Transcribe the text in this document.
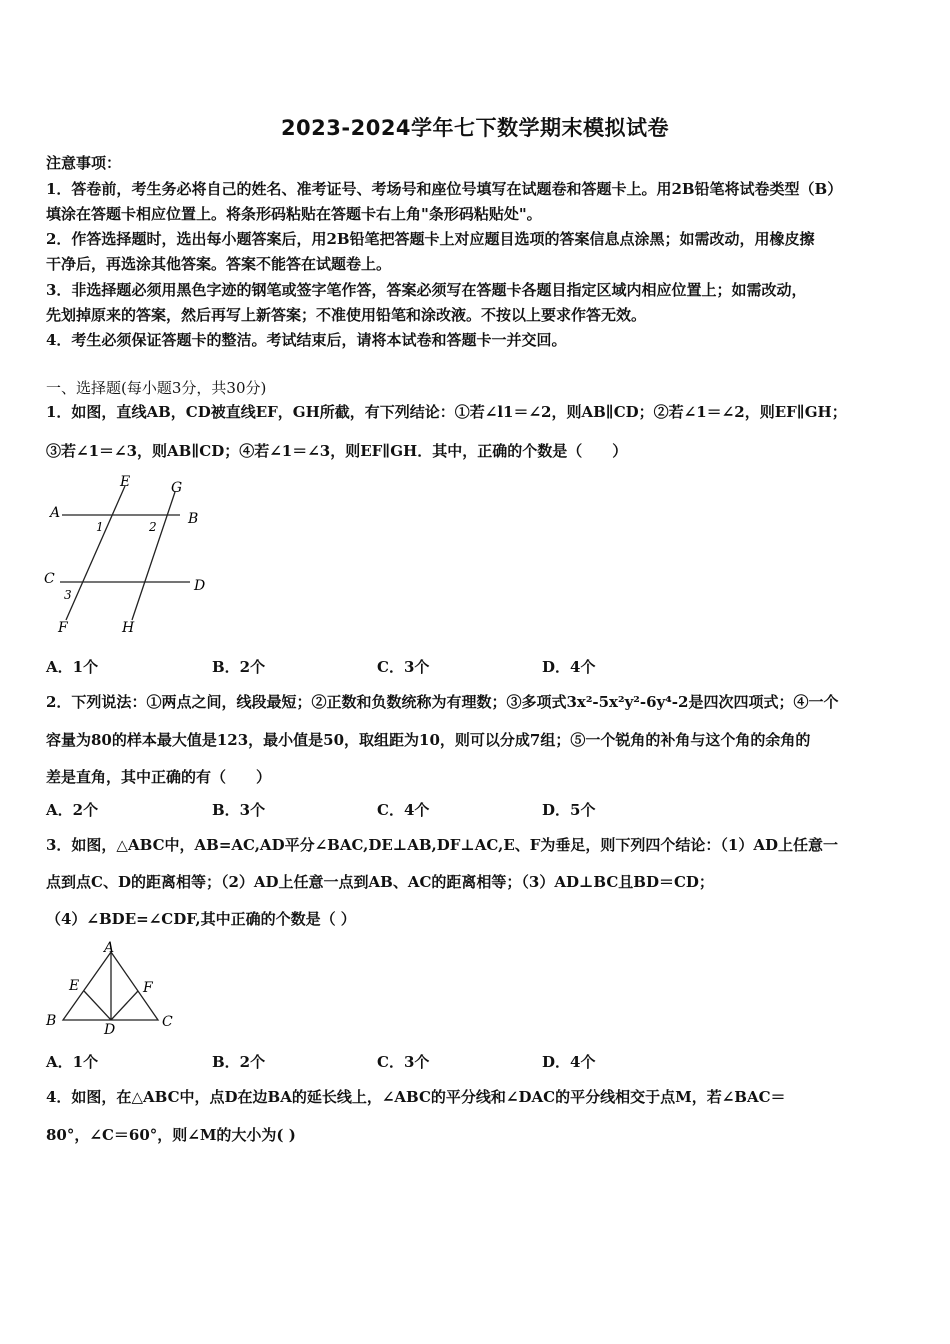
2023-2024学年七下数学期末模拟试卷
注意事项：
1．答卷前，考生务必将自己的姓名、准考证号、考场号和座位号填写在试题卷和答题卡上。用2B铅笔将试卷类型（B）
填涂在答题卡相应位置上。将条形码粘贴在答题卡右上角"条形码粘贴处"。
2．作答选择题时，选出每小题答案后，用2B铅笔把答题卡上对应题目选项的答案信息点涂黑；如需改动，用橡皮擦
干净后，再选涂其他答案。答案不能答在试题卷上。
3．非选择题必须用黑色字迹的钢笔或签字笔作答，答案必须写在答题卡各题目指定区域内相应位置上；如需改动，
先划掉原来的答案，然后再写上新答案；不准使用铅笔和涂改液。不按以上要求作答无效。
4．考生必须保证答题卡的整洁。考试结束后，请将本试卷和答题卡一并交回。
一、选择题(每小题3分，共30分)
1．如图，直线AB，CD被直线EF，GH所截，有下列结论：①若∠l1＝∠2，则AB∥CD；②若∠1＝∠2，则EF∥GH；
③若∠1＝∠3，则AB∥CD；④若∠1＝∠3，则EF∥GH．其中，正确的个数是（　　）
A	B
C	D
E
F
G
H
1	2
3
A．1个	B．2个	C．3个	D．4个
2．下列说法：①两点之间，线段最短；②正数和负数统称为有理数；③多项式3x²-5x²y²-6y⁴-2是四次四项式；④一个
容量为80的样本最大值是123，最小值是50，取组距为10，则可以分成7组；⑤一个锐角的补角与这个角的余角的
差是直角，其中正确的有（　　）
A．2个	B．3个	C．4个	D．5个
3．如图，△ABC中，AB=AC,AD平分∠BAC,DE⊥AB,DF⊥AC,E、F为垂足，则下列四个结论：（1）AD上任意一
点到点C、D的距离相等；（2）AD上任意一点到AB、AC的距离相等；（3）AD⊥BC且BD＝CD；
（4）∠BDE=∠CDF,其中正确的个数是（ ）
A
B	C
D
E	F
A．1个	B．2个	C．3个	D．4个
4．如图，在△ABC中，点D在边BA的延长线上，∠ABC的平分线和∠DAC的平分线相交于点M，若∠BAC＝
80°，∠C＝60°，则∠M的大小为( )
